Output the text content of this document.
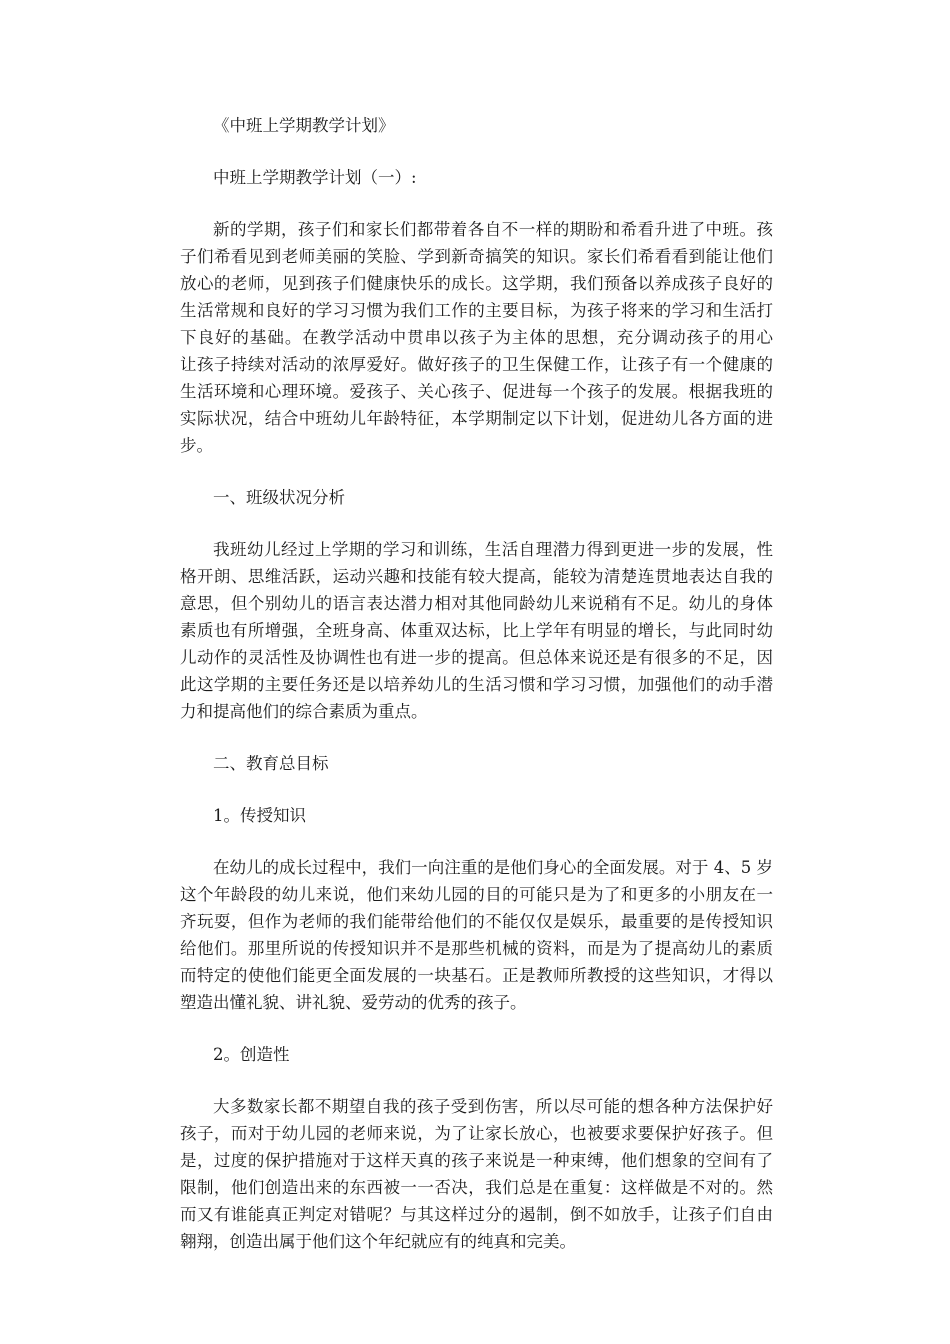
《中班上学期教学计划》

中班上学期教学计划（一）:

新的学期，孩子们和家长们都带着各自不一样的期盼和希看升进了中班。孩

子们希看见到老师美丽的笑脸、学到新奇搞笑的知识。家长们希看看到能让他们

放心的老师，见到孩子们健康快乐的成长。这学期，我们预备以养成孩子良好的

生活常规和良好的学习习惯为我们工作的主要目标，为孩子将来的学习和生活打

下良好的基础。在教学活动中贯串以孩子为主体的思想，充分调动孩子的用心

让孩子持续对活动的浓厚爱好。做好孩子的卫生保健工作，让孩子有一个健康的

生活环境和心理环境。爱孩子、关心孩子、促进每一个孩子的发展。根据我班的

实际状况，结合中班幼儿年龄特征，本学期制定以下计划，促进幼儿各方面的进

步。

一、班级状况分析

我班幼儿经过上学期的学习和训练，生活自理潜力得到更进一步的发展，性

格开朗、思维活跃，运动兴趣和技能有较大提高，能较为清楚连贯地表达自我的

意思，但个别幼儿的语言表达潜力相对其他同龄幼儿来说稍有不足。幼儿的身体

素质也有所增强，全班身高、体重双达标，比上学年有明显的增长，与此同时幼

儿动作的灵活性及协调性也有进一步的提高。但总体来说还是有很多的不足，因

此这学期的主要任务还是以培养幼儿的生活习惯和学习习惯，加强他们的动手潜

力和提高他们的综合素质为重点。

二、教育总目标

1。传授知识

在幼儿的成长过程中，我们一向注重的是他们身心的全面发展。对于 4、5 岁

这个年龄段的幼儿来说，他们来幼儿园的目的可能只是为了和更多的小朋友在一

齐玩耍，但作为老师的我们能带给他们的不能仅仅是娱乐，最重要的是传授知识

给他们。那里所说的传授知识并不是那些机械的资料，而是为了提高幼儿的素质

而特定的使他们能更全面发展的一块基石。正是教师所教授的这些知识，才得以

塑造出懂礼貌、讲礼貌、爱劳动的优秀的孩子。

2。创造性

大多数家长都不期望自我的孩子受到伤害，所以尽可能的想各种方法保护好

孩子，而对于幼儿园的老师来说，为了让家长放心，也被要求要保护好孩子。但

是，过度的保护措施对于这样天真的孩子来说是一种束缚，他们想象的空间有了

限制，他们创造出来的东西被一一否决，我们总是在重复：这样做是不对的。然

而又有谁能真正判定对错呢？与其这样过分的遏制，倒不如放手，让孩子们自由

翱翔，创造出属于他们这个年纪就应有的纯真和完美。
